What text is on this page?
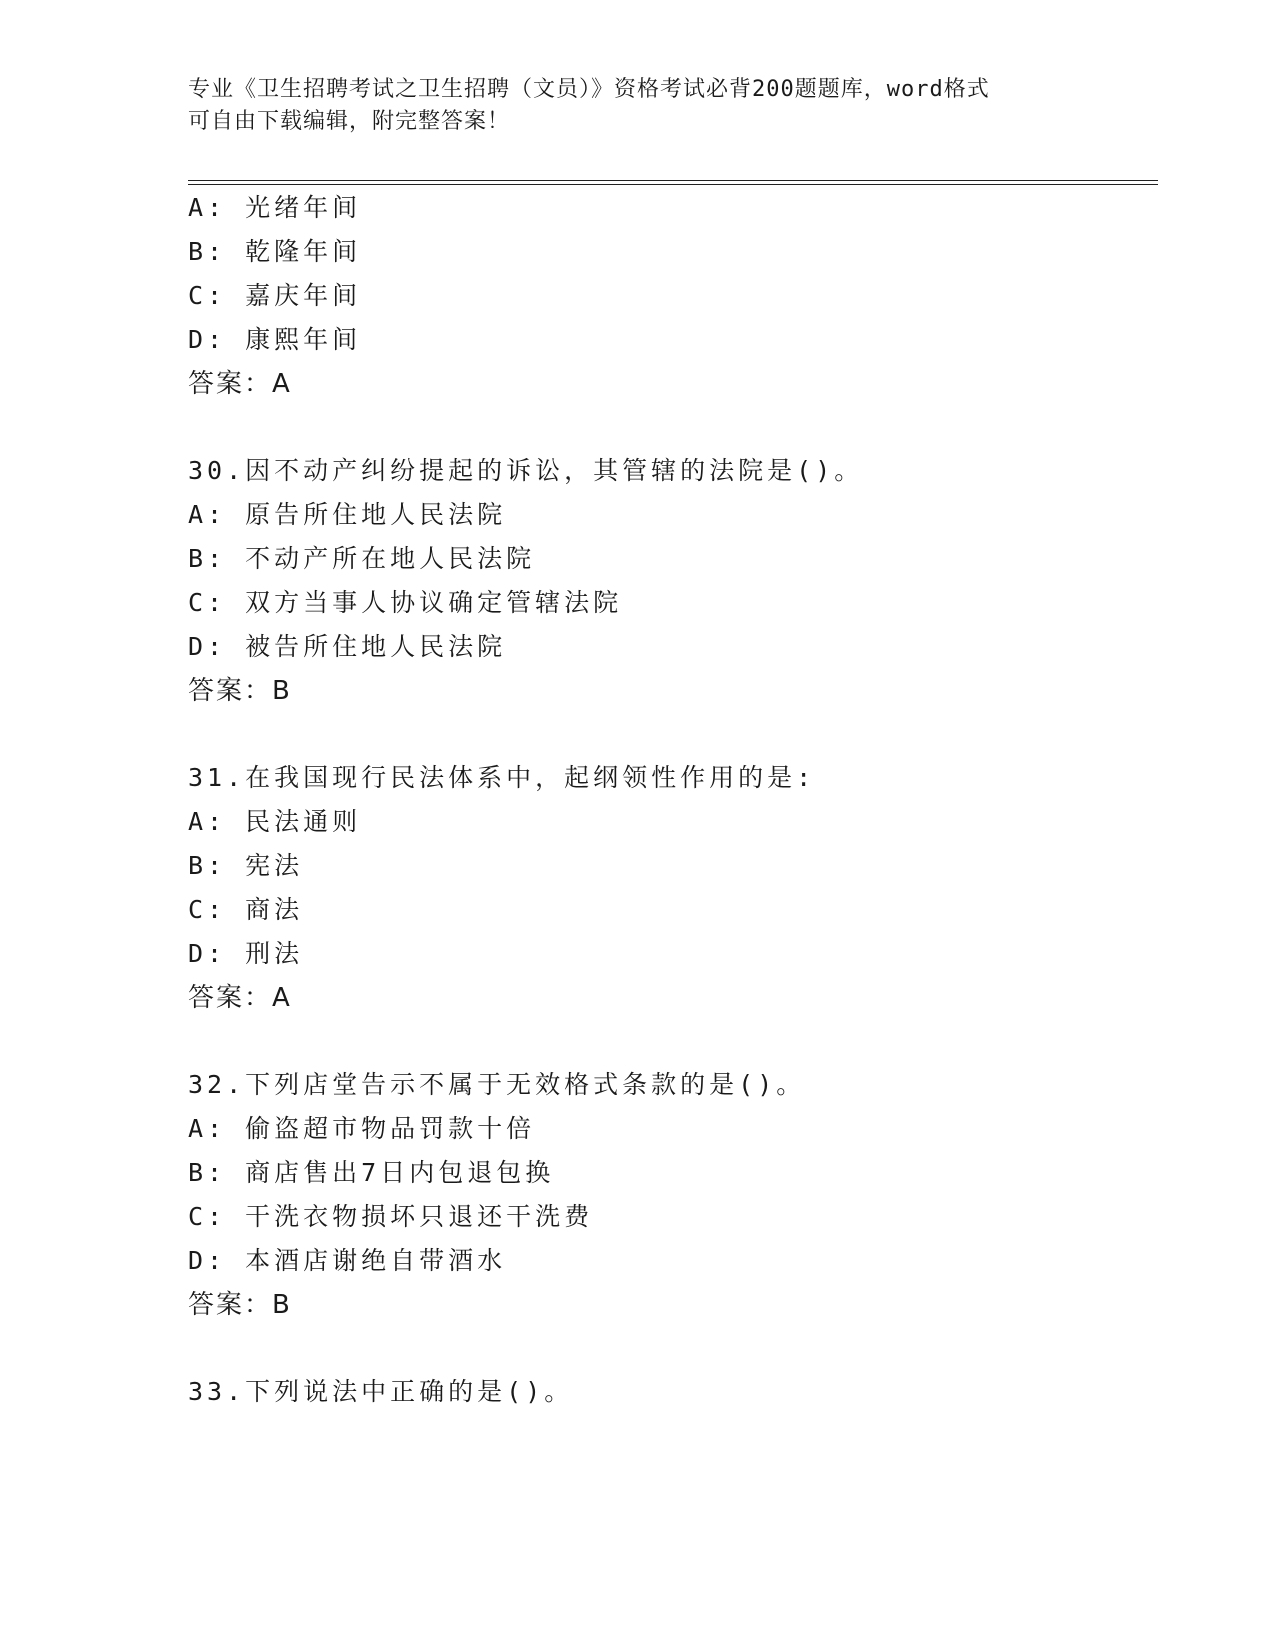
专业《卫生招聘考试之卫生招聘（文员）》资格考试必背200题题库，word格式
可自由下载编辑，附完整答案！
A: 光绪年间
B: 乾隆年间
C: 嘉庆年间
D: 康熙年间
答案：A
30.因不动产纠纷提起的诉讼，其管辖的法院是()。
A: 原告所住地人民法院
B: 不动产所在地人民法院
C: 双方当事人协议确定管辖法院
D: 被告所住地人民法院
答案：B
31.在我国现行民法体系中，起纲领性作用的是:
A: 民法通则
B: 宪法
C: 商法
D: 刑法
答案：A
32.下列店堂告示不属于无效格式条款的是()。
A: 偷盗超市物品罚款十倍
B: 商店售出7日内包退包换
C: 干洗衣物损坏只退还干洗费
D: 本酒店谢绝自带酒水
答案：B
33.下列说法中正确的是()。
